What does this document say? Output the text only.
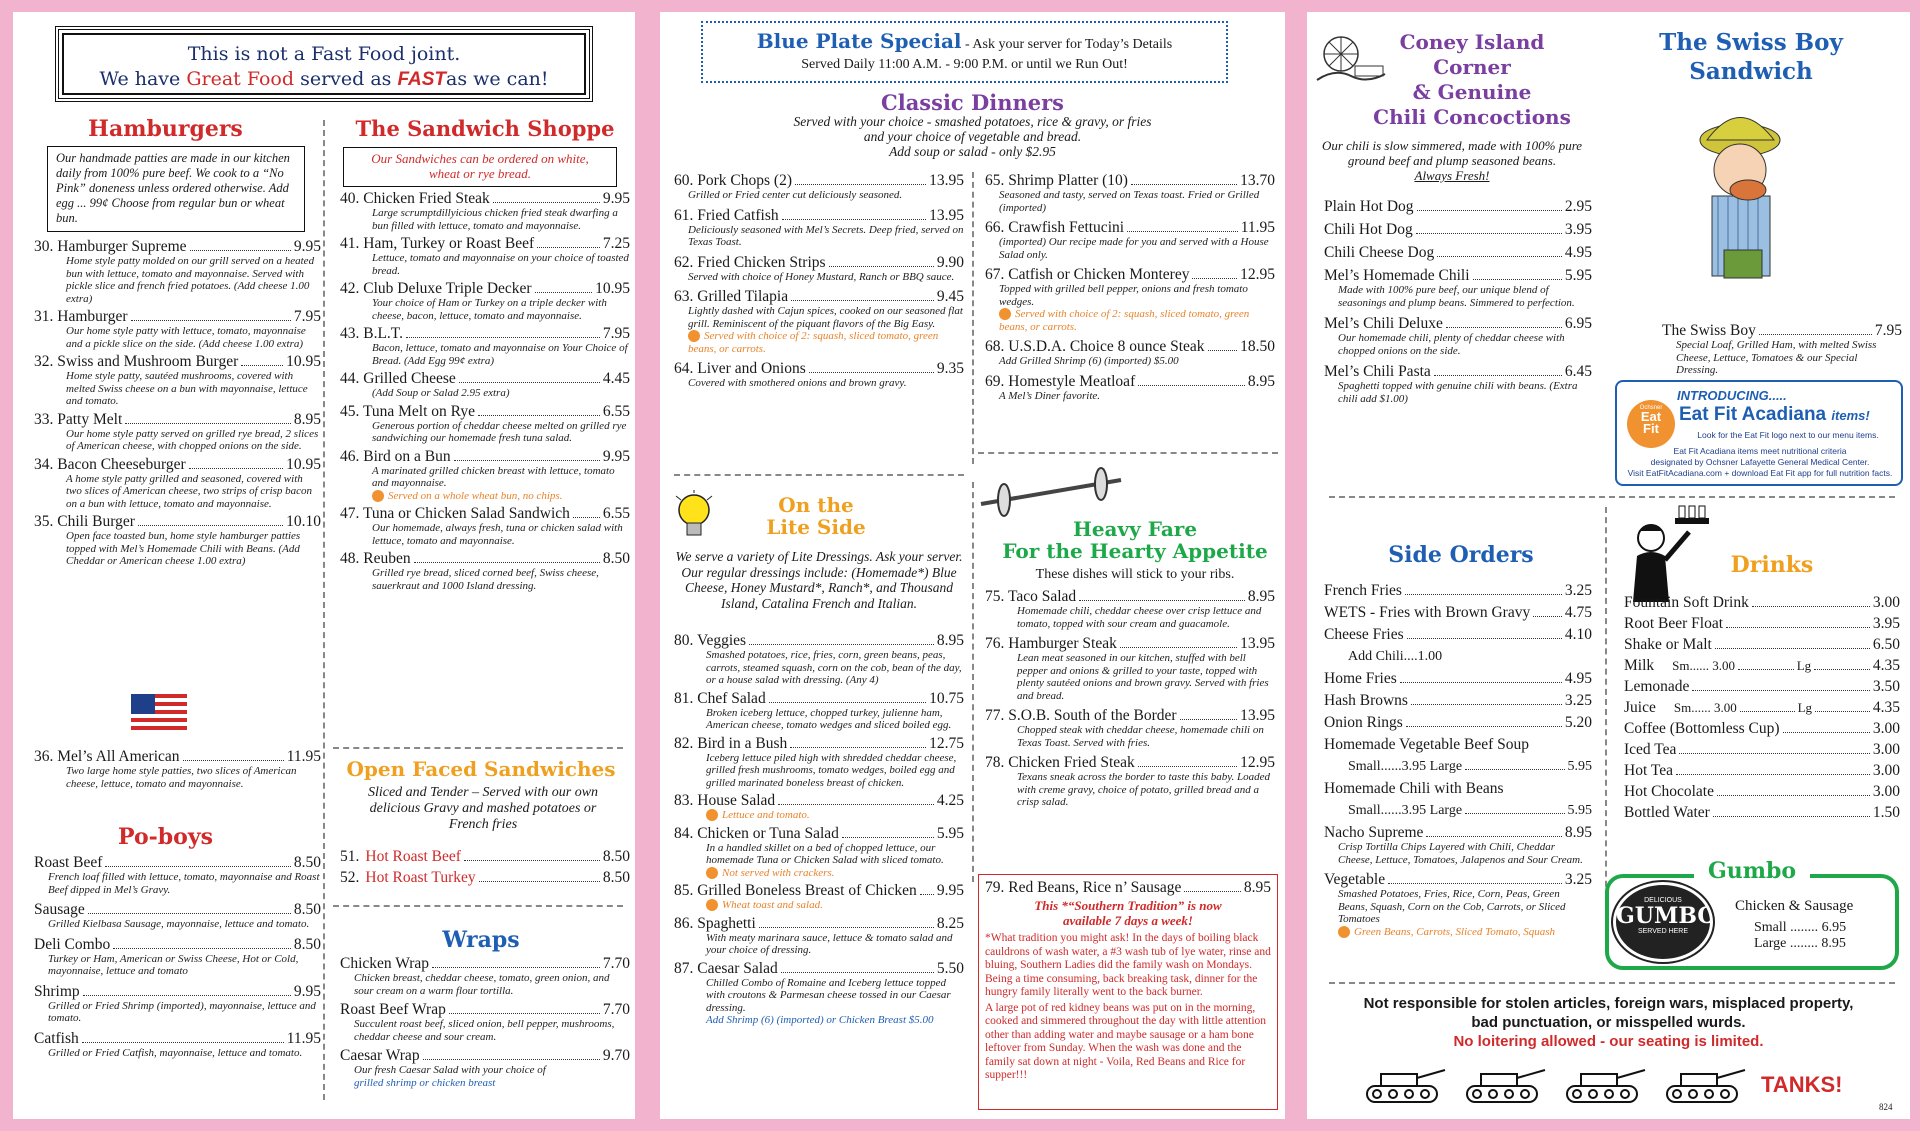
This is not a Fast Food joint.
We have Great Food served as FASTas we can!
Hamburgers
Our handmade patties are made in our kitchen daily from 100% pure beef. We cook to a “No Pink” doneness unless ordered otherwise. Add egg ... 99¢ Choose from regular bun or wheat bun.
30. Hamburger Supreme	9.95
Home style patty molded on our grill served on a heated bun with lettuce, tomato and mayonnaise. Served with pickle slice and french fried potatoes. (Add cheese 1.00 extra)
31. Hamburger	7.95
Our home style patty with lettuce, tomato, mayonnaise and a pickle slice on the side. (Add cheese 1.00 extra)
32. Swiss and Mushroom Burger	10.95
Home style patty, sautéed mushrooms, covered with melted Swiss cheese on a bun with mayonnaise, lettuce and tomato.
33. Patty Melt	8.95
Our home style patty served on grilled rye bread, 2 slices of American cheese, with chopped onions on the side.
34. Bacon Cheeseburger	10.95
A home style patty grilled and seasoned, covered with two slices of American cheese, two strips of crisp bacon on a bun with lettuce, tomato and mayonnaise.
35. Chili Burger	10.10
Open face toasted bun, home style hamburger patties topped with Mel’s Homemade Chili with Beans. (Add Cheddar or American cheese 1.00 extra)
36. Mel’s All American	11.95
Two large home style patties, two slices of American cheese, lettuce, tomato and mayonnaise.
Po-boys
Roast Beef	8.50
French loaf filled with lettuce, tomato, mayonnaise and Roast Beef dipped in Mel’s Gravy.
Sausage	8.50
Grilled Kielbasa Sausage, mayonnaise, lettuce and tomato.
Deli Combo	8.50
Turkey or Ham, American or Swiss Cheese, Hot or Cold, mayonnaise, lettuce and tomato
Shrimp	9.95
Grilled or Fried Shrimp (imported), mayonnaise, lettuce and tomato.
Catfish	11.95
Grilled or Fried Catfish, mayonnaise, lettuce and tomato.
The Sandwich Shoppe
Our Sandwiches can be ordered on white, wheat or rye bread.
40. Chicken Fried Steak	9.95
Large scrumptdillyicious chicken fried steak dwarfing a bun filled with lettuce, tomato and mayonnaise.
41. Ham, Turkey or Roast Beef	7.25
Lettuce, tomato and mayonnaise on your choice of toasted bread.
42. Club Deluxe Triple Decker	10.95
Your choice of Ham or Turkey on a triple decker with cheese, bacon, lettuce, tomato and mayonnaise.
43. B.L.T.	7.95
Bacon, lettuce, tomato and mayonnaise on Your Choice of Bread. (Add Egg 99¢ extra)
44. Grilled Cheese	4.45
(Add Soup or Salad 2.95 extra)
45. Tuna Melt on Rye	6.55
Generous portion of cheddar cheese melted on grilled rye sandwiching our homemade fresh tuna salad.
46. Bird on a Bun	9.95
A marinated grilled chicken breast with lettuce, tomato and mayonnaise.
Served on a whole wheat bun, no chips.
47. Tuna or Chicken Salad Sandwich 6.55
Our homemade, always fresh, tuna or chicken salad with lettuce, tomato and mayonnaise.
48. Reuben	8.50
Grilled rye bread, sliced corned beef, Swiss cheese, sauerkraut and 1000 Island dressing.
Open Faced Sandwiches
Sliced and Tender – Served with our own delicious Gravy and mashed potatoes or French fries
51. Hot Roast Beef	8.50
52. Hot Roast Turkey	8.50
Wraps
Chicken Wrap	7.70
Chicken breast, cheddar cheese, tomato, green onion, and sour cream on a warm flour tortilla.
Roast Beef Wrap	7.70
Succulent roast beef, sliced onion, bell pepper, mushrooms, cheddar cheese and sour cream.
Caesar Wrap	9.70
Our fresh Caesar Salad with your choice of
grilled shrimp or chicken breast
Blue Plate Special - Ask your server for Today’s Details
Served Daily 11:00 A.M. - 9:00 P.M. or until we Run Out!
Classic Dinners
Served with your choice - smashed potatoes, rice & gravy, or fries
and your choice of vegetable and bread.
Add soup or salad - only $2.95
60. Pork Chops (2)	13.95
Grilled or Fried center cut deliciously seasoned.
61. Fried Catfish	13.95
Deliciously seasoned with Mel’s Secrets. Deep fried, served on Texas Toast.
62. Fried Chicken Strips	9.90
Served with choice of Honey Mustard, Ranch or BBQ sauce.
63. Grilled Tilapia	9.45
Lightly dashed with Cajun spices, cooked on our seasoned flat grill. Reminiscent of the piquant flavors of the Big Easy.
Served with choice of 2: squash, sliced tomato, green beans, or carrots.
64. Liver and Onions	9.35
Covered with smothered onions and brown gravy.
65. Shrimp Platter (10)	13.70
Seasoned and tasty, served on Texas toast. Fried or Grilled (imported)
66. Crawfish Fettucini	11.95
(imported) Our recipe made for you and served with a House Salad only.
67. Catfish or Chicken Monterey	12.95
Topped with grilled bell pepper, onions and fresh tomato wedges.
Served with choice of 2: squash, sliced tomato, green beans, or carrots.
68. U.S.D.A. Choice 8 ounce Steak 18.50
Add Grilled Shrimp (6) (imported) $5.00
69. Homestyle Meatloaf	8.95
A Mel’s Diner favorite.
On the
Lite Side
We serve a variety of Lite Dressings. Ask your server. Our regular dressings include: (Homemade*) Blue Cheese, Honey Mustard*, Ranch*, and Thousand Island, Catalina French and Italian.
80. Veggies	8.95
Smashed potatoes, rice, fries, corn, green beans, peas, carrots, steamed squash, corn on the cob, bean of the day, or a house salad with dressing. (Any 4)
81. Chef Salad	10.75
Broken iceberg lettuce, chopped turkey, julienne ham, American cheese, tomato wedges and sliced boiled egg.
82. Bird in a Bush	12.75
Iceberg lettuce piled high with shredded cheddar cheese, grilled fresh mushrooms, tomato wedges, boiled egg and grilled marinated boneless breast of chicken.
83. House Salad	4.25
Lettuce and tomato.
84. Chicken or Tuna Salad	5.95
In a handled skillet on a bed of chopped lettuce, our homemade Tuna or Chicken Salad with sliced tomato.
Not served with crackers.
85. Grilled Boneless Breast of Chicken 9.95
Wheat toast and salad.
86. Spaghetti	8.25
With meaty marinara sauce, lettuce & tomato salad and your choice of dressing.
87. Caesar Salad	5.50
Chilled Combo of Romaine and Iceberg lettuce topped with croutons & Parmesan cheese tossed in our Caesar dressing.
Add Shrimp (6) (imported) or Chicken Breast $5.00
Heavy Fare
For the Hearty Appetite
These dishes will stick to your ribs.
75. Taco Salad	8.95
Homemade chili, cheddar cheese over crisp lettuce and tomato, topped with sour cream and guacamole.
76. Hamburger Steak	13.95
Lean meat seasoned in our kitchen, stuffed with bell pepper and onions & grilled to your taste, topped with plenty sautéed onions and brown gravy. Served with fries and bread.
77. S.O.B. South of the Border	13.95
Chopped steak with cheddar cheese, homemade chili on Texas Toast. Served with fries.
78. Chicken Fried Steak	12.95
Texans sneak across the border to taste this baby. Loaded with creme gravy, choice of potato, grilled bread and a crisp salad.
79. Red Beans, Rice n’ Sausage	8.95
This *“Southern Tradition” is now
available 7 days a week!
*What tradition you might ask! In the days of boiling black cauldrons of wash water, a #3 wash tub of lye water, rinse and bluing, Southern Ladies did the family wash on Mondays. Being a time consuming, back breaking task, dinner for the hungry family literally went to the back burner.
A large pot of red kidney beans was put on in the morning, cooked and simmered throughout the day with little attention other than adding water and maybe sausage or a ham bone leftover from Sunday. When the wash was done and the family sat down at night - Voila, Red Beans and Rice for supper!!!
Coney Island
Corner
& Genuine
Chili Concoctions
Our chili is slow simmered, made with 100% pure ground beef and plump seasoned beans.
Always Fresh!
Plain Hot Dog	2.95
Chili Hot Dog	3.95
Chili Cheese Dog	4.95
Mel’s Homemade Chili	5.95
Made with 100% pure beef, our unique blend of seasonings and plump beans. Simmered to perfection.
Mel’s Chili Deluxe	6.95
Our homemade chili, plenty of cheddar cheese with chopped onions on the side.
Mel’s Chili Pasta	6.45
Spaghetti topped with genuine chili with beans. (Extra chili add $1.00)
The Swiss Boy
Sandwich
The Swiss Boy	7.95
Special Loaf, Grilled Ham, with melted Swiss Cheese, Lettuce, Tomatoes & our Special Dressing.
INTRODUCING.....
Ochsner
Eat
Fit
Eat Fit Acadiana items!
Look for the Eat Fit logo next to our menu items.
Eat Fit Acadiana items meet nutritional criteria
designated by Ochsner Lafayette General Medical Center.
Visit EatFitAcadiana.com + download Eat Fit app for full nutrition facts.
Side Orders
French Fries	3.25
WETS - Fries with Brown Gravy 4.75
Cheese Fries	4.10
Add Chili....1.00
Home Fries	4.95
Hash Browns	3.25
Onion Rings	5.20
Homemade Vegetable Beef Soup
Small......3.95 Large	5.95
Homemade Chili with Beans
Small......3.95 Large	5.95
Nacho Supreme	8.95
Crisp Tortilla Chips Layered with Chili, Cheddar Cheese, Lettuce, Tomatoes, Jalapenos and Sour Cream.
Vegetable	3.25
Smashed Potatoes, Fries, Rice, Corn, Peas, Green Beans, Squash, Corn on the Cob, Carrots, or Sliced Tomatoes
Green Beans, Carrots, Sliced Tomato, Squash
Drinks
Fountain Soft Drink	3.00
Root Beer Float	3.95
Shake or Malt	6.50
Milk Sm...... 3.00	Lg	4.35
Lemonade	3.50
Juice Sm...... 3.00	Lg	4.35
Coffee (Bottomless Cup)	3.00
Iced Tea	3.00
Hot Tea	3.00
Hot Chocolate	3.00
Bottled Water	1.50
Gumbo
DELICIOUS
GUMBO
SERVED HERE
Chicken & Sausage
Small ........ 6.95
Large ........ 8.95
Not responsible for stolen articles, foreign wars, misplaced property,
bad punctuation, or misspelled wurds.
No loitering allowed - our seating is limited.
TANKS!
824
